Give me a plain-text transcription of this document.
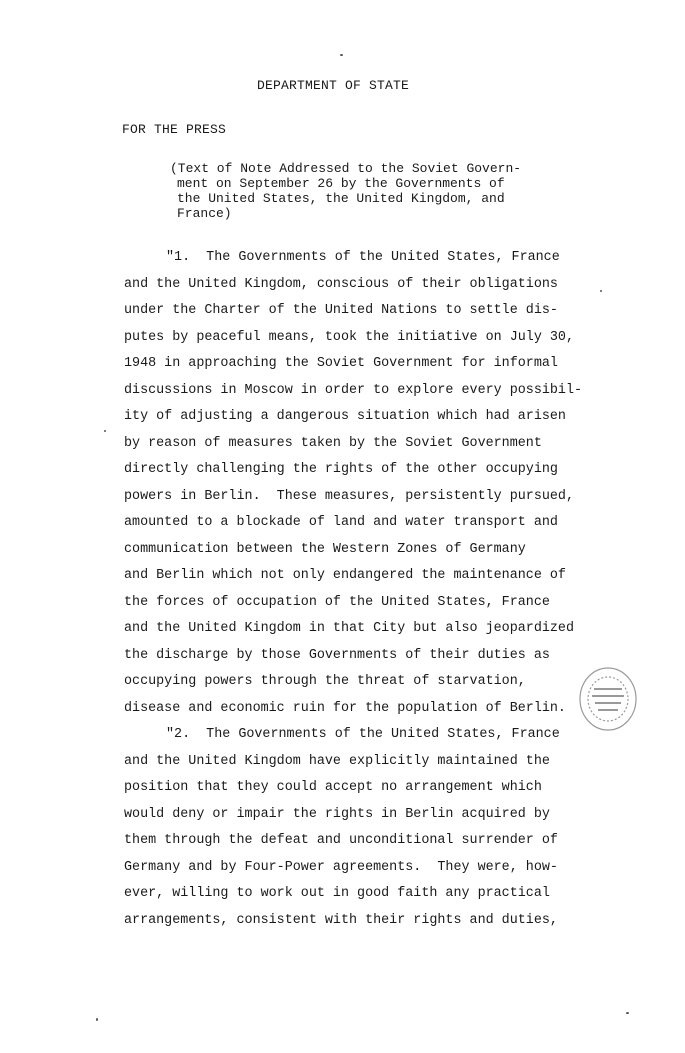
DEPARTMENT OF STATE
FOR THE PRESS
(Text of Note Addressed to the Soviet Govern-
ment on September 26 by the Governments of
the United States, the United Kingdom, and
France)
"1.  The Governments of the United States, France
and the United Kingdom, conscious of their obligations
under the Charter of the United Nations to settle dis-
putes by peaceful means, took the initiative on July 30,
1948 in approaching the Soviet Government for informal
discussions in Moscow in order to explore every possibil-
ity of adjusting a dangerous situation which had arisen
by reason of measures taken by the Soviet Government
directly challenging the rights of the other occupying
powers in Berlin.  These measures, persistently pursued,
amounted to a blockade of land and water transport and
communication between the Western Zones of Germany
and Berlin which not only endangered the maintenance of
the forces of occupation of the United States, France
and the United Kingdom in that City but also jeopardized
the discharge by those Governments of their duties as
occupying powers through the threat of starvation,
disease and economic ruin for the population of Berlin.
"2.  The Governments of the United States, France
and the United Kingdom have explicitly maintained the
position that they could accept no arrangement which
would deny or impair the rights in Berlin acquired by
them through the defeat and unconditional surrender of
Germany and by Four-Power agreements.  They were, how-
ever, willing to work out in good faith any practical
arrangements, consistent with their rights and duties,
